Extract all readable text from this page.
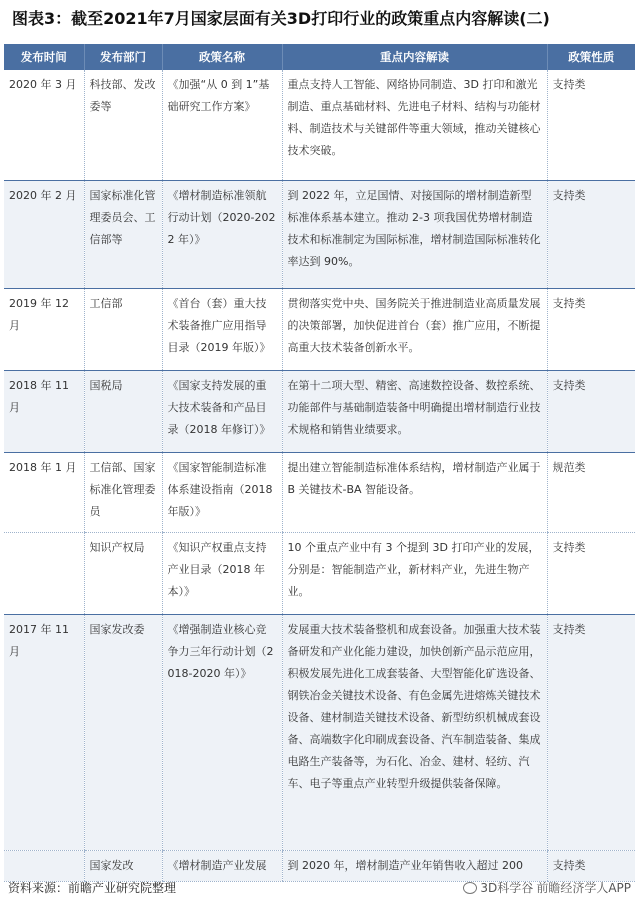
图表3：截至2021年7月国家层面有关3D打印行业的政策重点内容解读(二)
发布时间	发布部门	政策名称	重点内容解读	政策性质
2020 年 3 月	科技部、发改委等	《加强“从 0 到 1”基础研究工作方案》	重点支持人工智能、网络协同制造、3D 打印和激光制造、重点基础材料、先进电子材料、结构与功能材料、制造技术与关键部件等重大领域，推动关键核心技术突破。	支持类
2020 年 2 月	国家标准化管理委员会、工信部等	《增材制造标准领航行动计划（2020-2022 年）》	到 2022 年，立足国情、对接国际的增材制造新型标准体系基本建立。推动 2-3 项我国优势增材制造技术和标准制定为国际标准，增材制造国际标准转化率达到 90%。	支持类
2019 年 12 月	工信部	《首台（套）重大技术装备推广应用指导目录（2019 年版）》	贯彻落实党中央、国务院关于推进制造业高质量发展的决策部署，加快促进首台（套）推广应用，不断提高重大技术装备创新水平。	支持类
2018 年 11 月	国税局	《国家支持发展的重大技术装备和产品目录（2018 年修订）》	在第十二项大型、精密、高速数控设备、数控系统、功能部件与基础制造装备中明确提出增材制造行业技术规格和销售业绩要求。	支持类
2018 年 1 月	工信部、国家标准化管理委员	《国家智能制造标准体系建设指南（2018 年版）》	提出建立智能制造标准体系结构，增材制造产业属于 B 关键技术-BA 智能设备。	规范类
	知识产权局	《知识产权重点支持产业目录（2018 年本）》	10 个重点产业中有 3 个提到 3D 打印产业的发展，分别是：智能制造产业，新材料产业，先进生物产业。	支持类
2017 年 11 月	国家发改委	《增强制造业核心竞争力三年行动计划（2018-2020 年）》	发展重大技术装备整机和成套设备。加强重大技术装备研发和产业化能力建设，加快创新产品示范应用，积极发展先进化工成套装备、大型智能化矿选设备、钢铁冶金关键技术设备、有色金属先进熔炼关键技术设备、建材制造关键技术设备、新型纺织机械成套设备、高端数字化印刷成套设备、汽车制造装备、集成电路生产装备等，为石化、冶金、建材、轻纺、汽车、电子等重点产业转型升级提供装备保障。	支持类
	国家发改	《增材制造产业发展	到 2020 年，增材制造产业年销售收入超过 200	支持类
资料来源：前瞻产业研究院整理	3D科学谷 前瞻经济学人APP
